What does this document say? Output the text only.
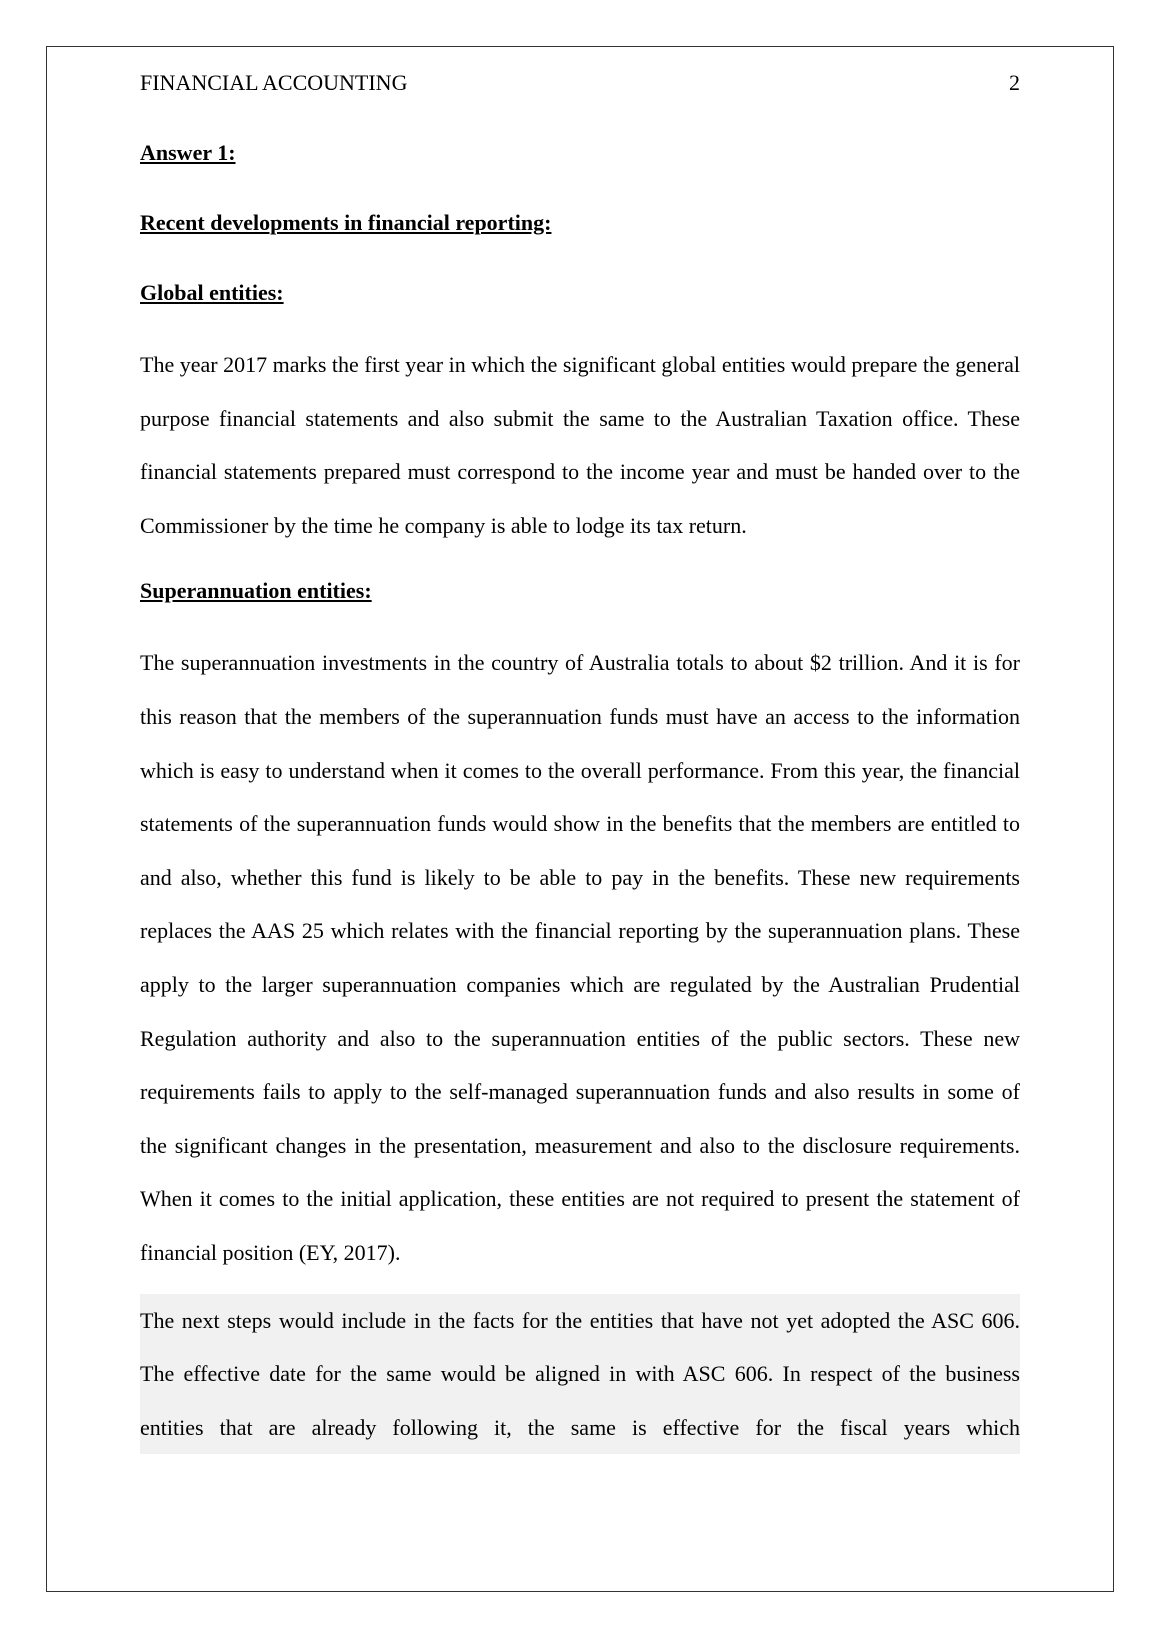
FINANCIAL ACCOUNTING	2
Answer 1:
Recent developments in financial reporting:
Global entities:

The year 2017 marks the first year in which the significant global entities would prepare the general purpose financial statements and also submit the same to the Australian Taxation office. These financial statements prepared must correspond to the income year and must be handed over to the Commissioner by the time he company is able to lodge its tax return.

Superannuation entities:

The superannuation investments in the country of Australia totals to about $2 trillion. And it is for this reason that the members of the superannuation funds must have an access to the information which is easy to understand when it comes to the overall performance. From this year, the financial statements of the superannuation funds would show in the benefits that the members are entitled to and also, whether this fund is likely to be able to pay in the benefits. These new requirements replaces the AAS 25 which relates with the financial reporting by the superannuation plans. These apply to the larger superannuation companies which are regulated by the Australian Prudential Regulation authority and also to the superannuation entities of the public sectors. These new requirements fails to apply to the self-managed superannuation funds and also results in some of the significant changes in the presentation, measurement and also to the disclosure requirements. When it comes to the initial application, these entities are not required to present the statement of financial position (EY, 2017).

The next steps would include in the facts for the entities that have not yet adopted the ASC 606. The effective date for the same would be aligned in with ASC 606. In respect of the business entities that are already following it, the same is effective for the fiscal years which
